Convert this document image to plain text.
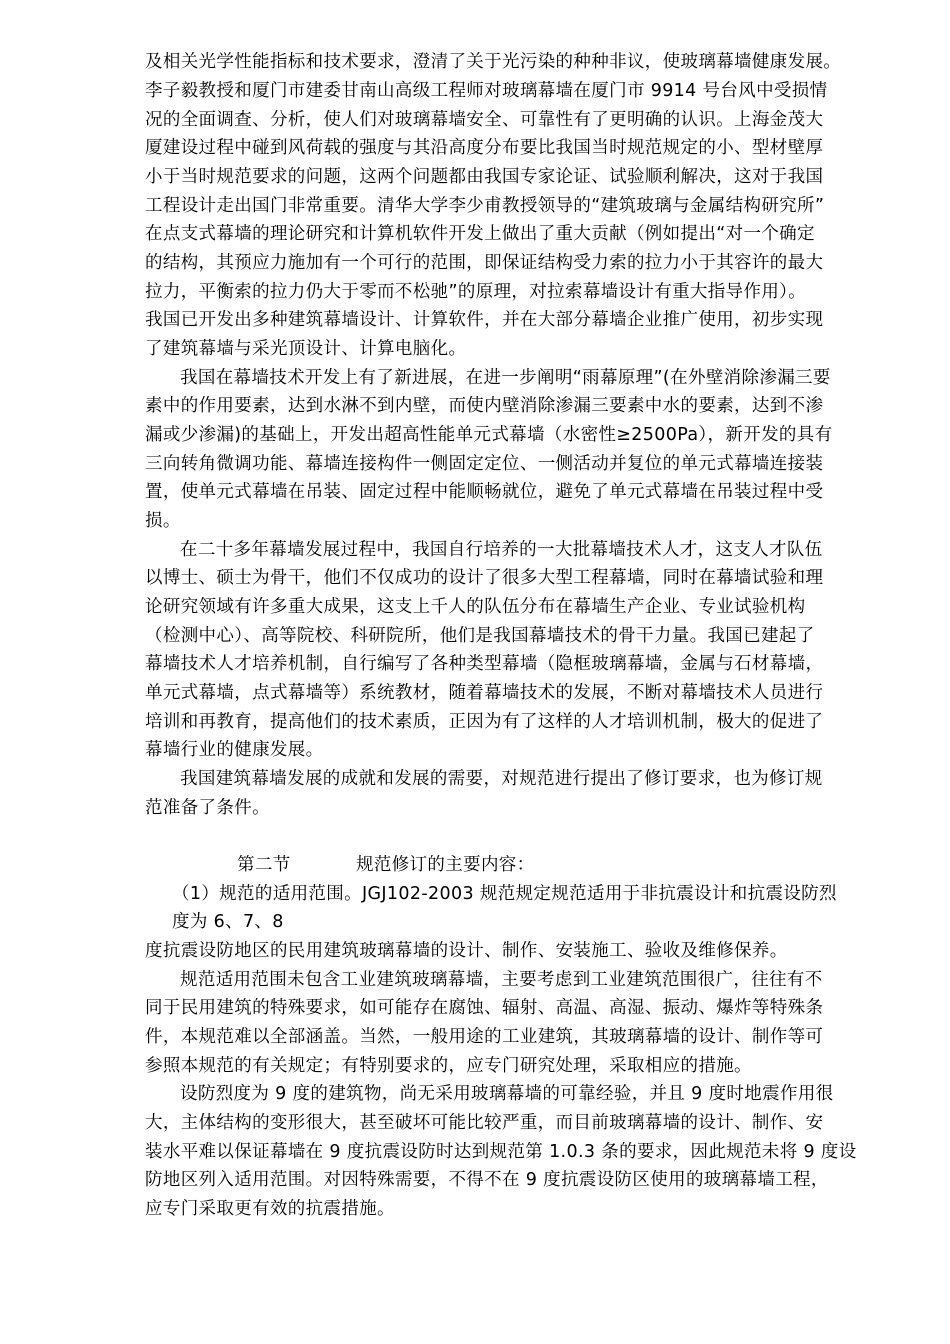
及相关光学性能指标和技术要求，澄清了关于光污染的种种非议，使玻璃幕墙健康发展。
李子毅教授和厦门市建委甘南山高级工程师对玻璃幕墙在厦门市 9914 号台风中受损情
况的全面调查、分析，使人们对玻璃幕墙安全、可靠性有了更明确的认识。上海金茂大
厦建设过程中碰到风荷载的强度与其沿高度分布要比我国当时规范规定的小、型材壁厚
小于当时规范要求的问题，这两个问题都由我国专家论证、试验顺利解决，这对于我国
工程设计走出国门非常重要。清华大学李少甫教授领导的“建筑玻璃与金属结构研究所”
在点支式幕墙的理论研究和计算机软件开发上做出了重大贡献（例如提出“对一个确定
的结构，其预应力施加有一个可行的范围，即保证结构受力索的拉力小于其容许的最大
拉力，平衡索的拉力仍大于零而不松驰”的原理，对拉索幕墙设计有重大指导作用）。
我国已开发出多种建筑幕墙设计、计算软件，并在大部分幕墙企业推广使用，初步实现
了建筑幕墙与采光顶设计、计算电脑化。
我国在幕墙技术开发上有了新进展，在进一步阐明“雨幕原理”(在外壁消除渗漏三要
素中的作用要素，达到水淋不到内壁，而使内壁消除渗漏三要素中水的要素，达到不渗
漏或少渗漏)的基础上，开发出超高性能单元式幕墙（水密性≥2500Pa），新开发的具有
三向转角微调功能、幕墙连接构件一侧固定定位、一侧活动并复位的单元式幕墙连接装
置，使单元式幕墙在吊装、固定过程中能顺畅就位，避免了单元式幕墙在吊装过程中受
损。
在二十多年幕墙发展过程中，我国自行培养的一大批幕墙技术人才，这支人才队伍
以博士、硕士为骨干，他们不仅成功的设计了很多大型工程幕墙，同时在幕墙试验和理
论研究领域有许多重大成果，这支上千人的队伍分布在幕墙生产企业、专业试验机构
（检测中心）、高等院校、科研院所，他们是我国幕墙技术的骨干力量。我国已建起了
幕墙技术人才培养机制，自行编写了各种类型幕墙（隐框玻璃幕墙，金属与石材幕墙，
单元式幕墙，点式幕墙等）系统教材，随着幕墙技术的发展，不断对幕墙技术人员进行
培训和再教育，提高他们的技术素质，正因为有了这样的人才培训机制，极大的促进了
幕墙行业的健康发展。
我国建筑幕墙发展的成就和发展的需要，对规范进行提出了修订要求，也为修订规
范准备了条件。
第二节	规范修订的主要内容：
（1）规范的适用范围。JGJ102-2003 规范规定规范适用于非抗震设计和抗震设防烈
度为 6、7、8
度抗震设防地区的民用建筑玻璃幕墙的设计、制作、安装施工、验收及维修保养。
规范适用范围未包含工业建筑玻璃幕墙，主要考虑到工业建筑范围很广，往往有不
同于民用建筑的特殊要求，如可能存在腐蚀、辐射、高温、高湿、振动、爆炸等特殊条
件，本规范难以全部涵盖。当然，一般用途的工业建筑，其玻璃幕墙的设计、制作等可
参照本规范的有关规定；有特别要求的，应专门研究处理，采取相应的措施。
设防烈度为 9 度的建筑物，尚无采用玻璃幕墙的可靠经验，并且 9 度时地震作用很
大，主体结构的变形很大，甚至破坏可能比较严重，而目前玻璃幕墙的设计、制作、安
装水平难以保证幕墙在 9 度抗震设防时达到规范第 1.0.3 条的要求，因此规范未将 9 度设
防地区列入适用范围。对因特殊需要，不得不在 9 度抗震设防区使用的玻璃幕墙工程，
应专门采取更有效的抗震措施。
